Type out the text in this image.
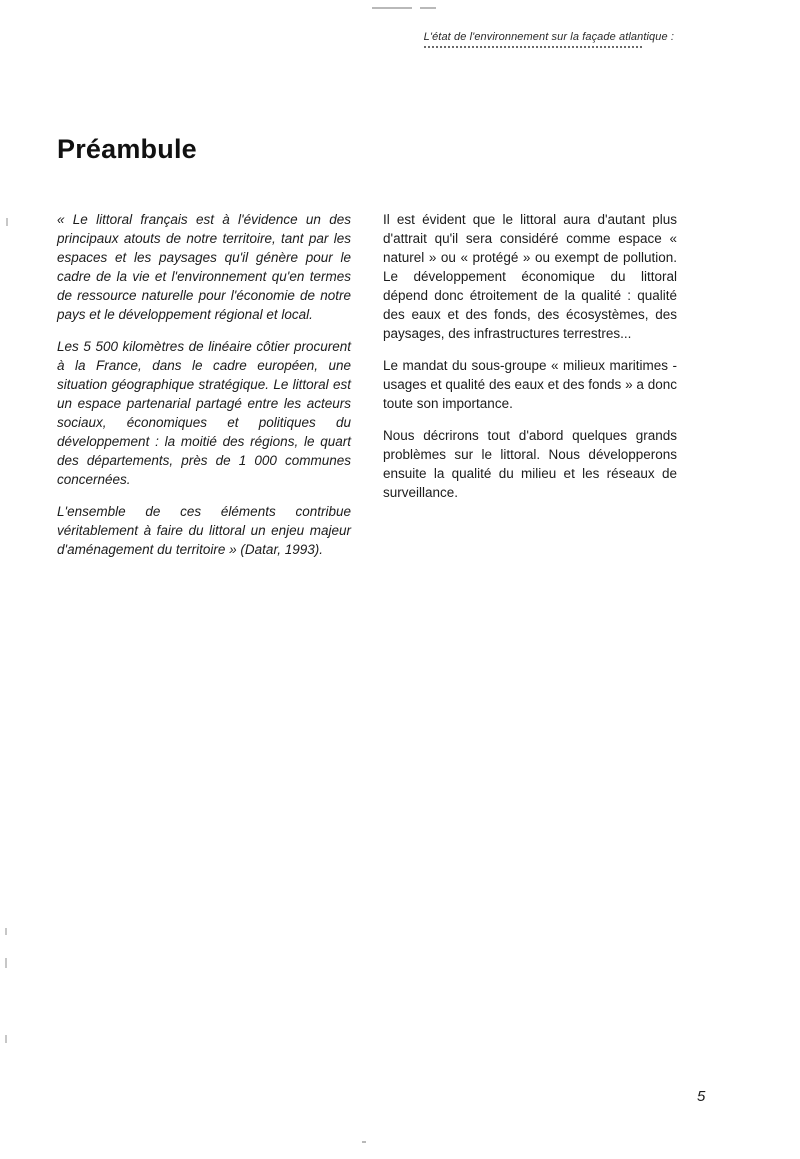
L'état de l'environnement sur la façade atlantique :
Préambule

« Le littoral français est à l'évidence un des principaux atouts de notre territoire, tant par les espaces et les paysages qu'il génère pour le cadre de la vie et l'environnement qu'en termes de ressource naturelle pour l'économie de notre pays et le développement régional et local.

Les 5 500 kilomètres de linéaire côtier procurent à la France, dans le cadre européen, une situation géographique stratégique. Le littoral est un espace partenarial partagé entre les acteurs sociaux, économiques et politiques du développement : la moitié des régions, le quart des départements, près de 1 000 communes concernées.

L'ensemble de ces éléments contribue véritablement à faire du littoral un enjeu majeur d'aménagement du territoire » (Datar, 1993).

Il est évident que le littoral aura d'autant plus d'attrait qu'il sera considéré comme espace « naturel » ou « protégé » ou exempt de pollution. Le développement économique du littoral dépend donc étroitement de la qualité : qualité des eaux et des fonds, des écosystèmes, des paysages, des infrastructures terrestres...

Le mandat du sous-groupe « milieux maritimes - usages et qualité des eaux et des fonds » a donc toute son importance.

Nous décrirons tout d'abord quelques grands problèmes sur le littoral. Nous développerons ensuite la qualité du milieu et les réseaux de surveillance.

5
